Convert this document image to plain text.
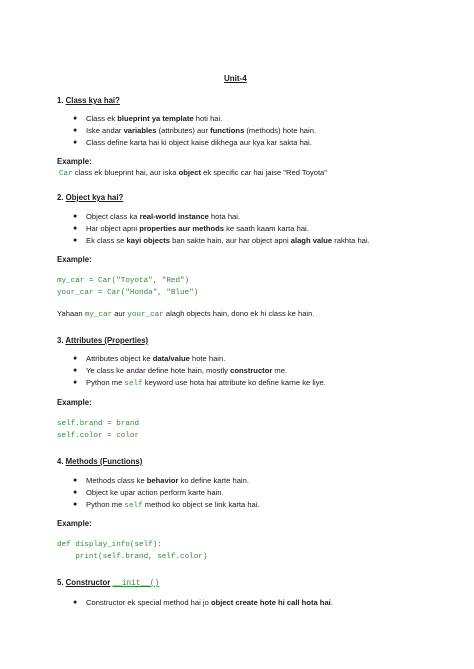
Unit-4
1. Class kya hai?
● Class ek blueprint ya template hoti hai.
● Iske andar variables (attributes) aur functions (methods) hote hain.
● Class define karta hai ki object kaise dikhega aur kya kar sakta hai.
Example:
Car class ek blueprint hai, aur iska object ek specific car hai jaise "Red Toyota"
2. Object kya hai?
● Object class ka real-world instance hota hai.
● Har object apni properties aur methods ke saath kaam karta hai.
● Ek class se kayi objects ban sakte hain, aur har object apni alagh value rakhta hai.
Example:
my_car = Car("Toyota", "Red")
your_car = Car("Honda", "Blue")
Yahaan my_car aur your_car alagh objects hain, dono ek hi class ke hain.
3. Attributes (Properties)
● Attributes object ke data/value hote hain.
● Ye class ke andar define hote hain, mostly constructor me.
● Python me self keyword use hota hai attribute ko define karne ke liye.
Example:
self.brand = brand
self.color = color
4. Methods (Functions)
● Methods class ke behavior ko define karte hain.
● Object ke upar action perform karte hain.
● Python me self method ko object se link karta hai.
Example:
def display_info(self):
print(self.brand, self.color)
5. Constructor __init__()
● Constructor ek special method hai jo object create hote hi call hota hai.
